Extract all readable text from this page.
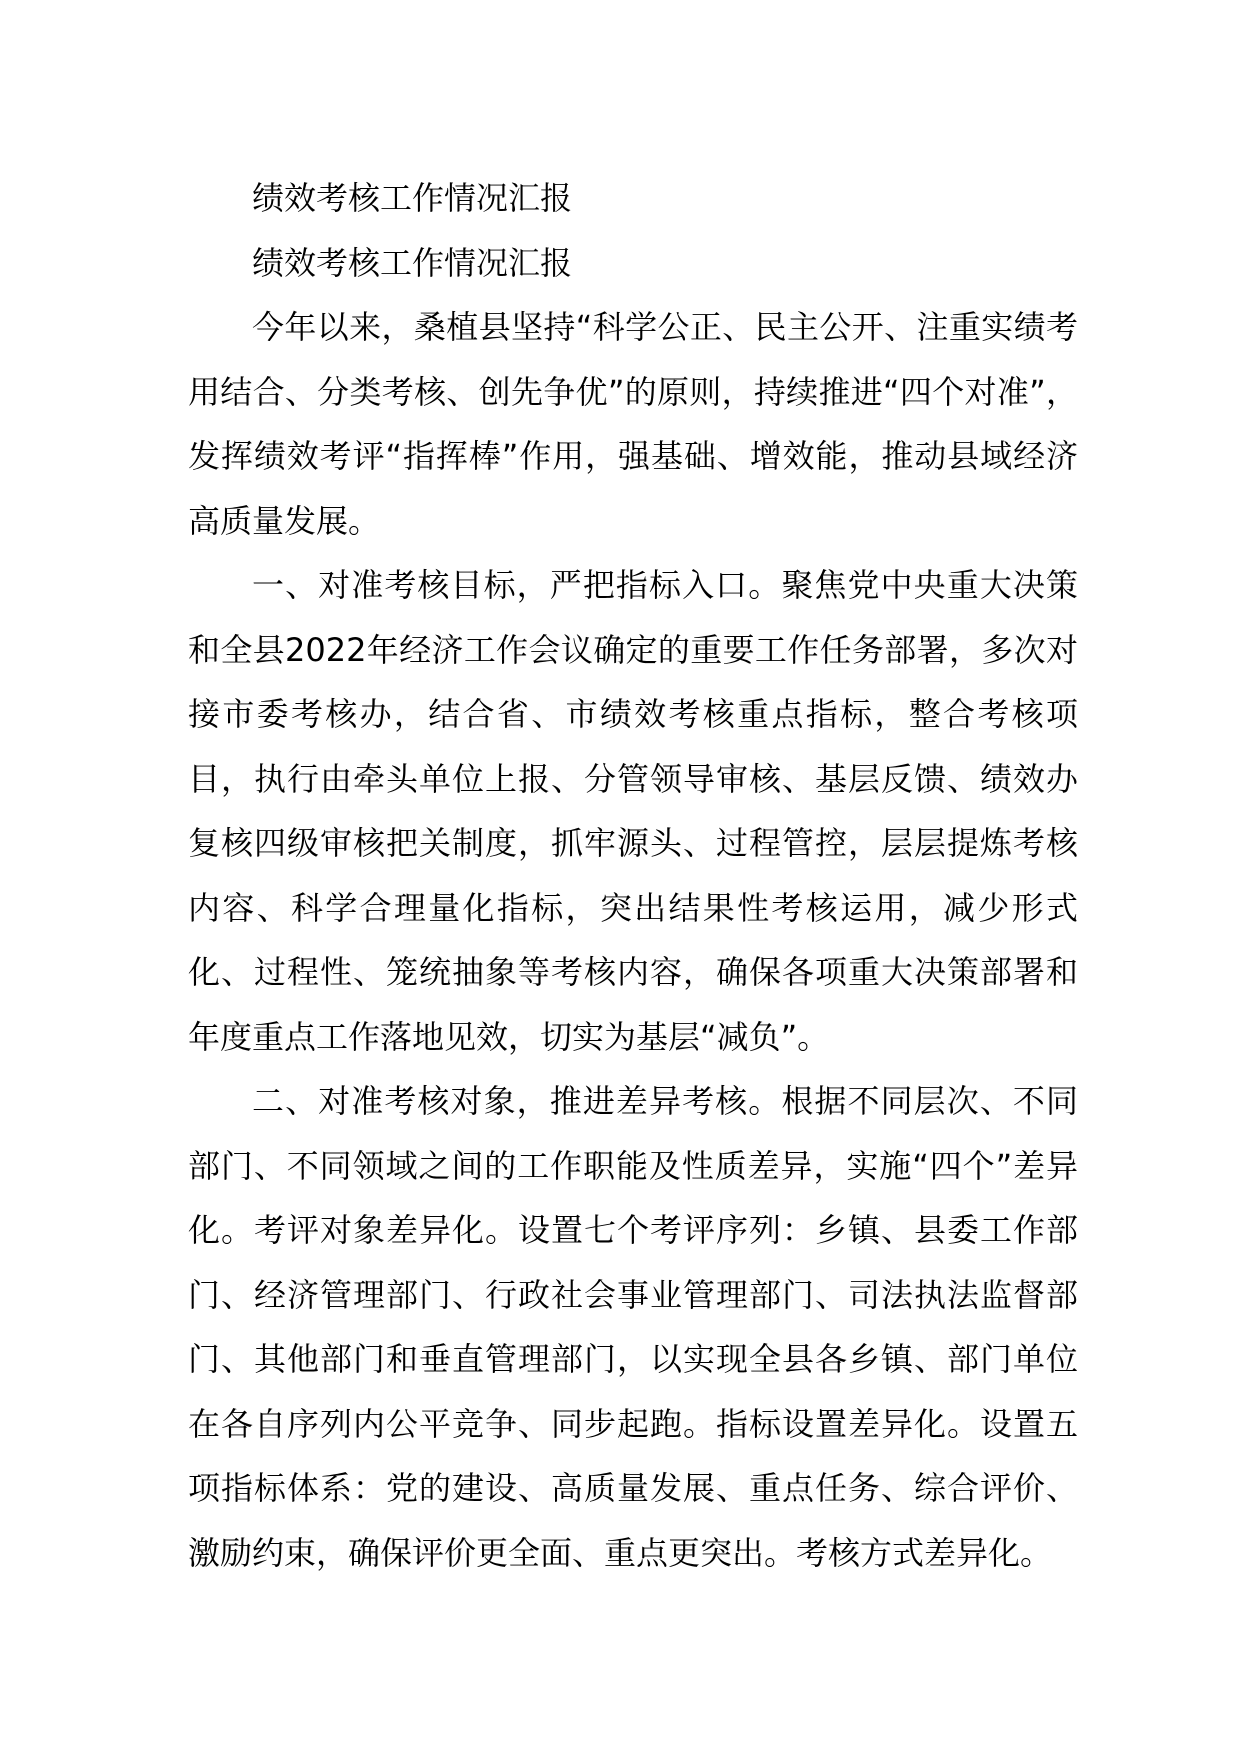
绩效考核工作情况汇报

绩效考核工作情况汇报

今年以来，桑植县坚持“科学公正、民主公开、注重实绩考用结合、分类考核、创先争优”的原则，持续推进“四个对准”，发挥绩效考评“指挥棒”作用，强基础、增效能，推动县域经济高质量发展。

一、对准考核目标，严把指标入口。聚焦党中央重大决策和全县2022年经济工作会议确定的重要工作任务部署，多次对接市委考核办，结合省、市绩效考核重点指标，整合考核项目，执行由牵头单位上报、分管领导审核、基层反馈、绩效办复核四级审核把关制度，抓牢源头、过程管控，层层提炼考核内容、科学合理量化指标，突出结果性考核运用，减少形式化、过程性、笼统抽象等考核内容，确保各项重大决策部署和年度重点工作落地见效，切实为基层“减负”。

二、对准考核对象，推进差异考核。根据不同层次、不同部门、不同领域之间的工作职能及性质差异，实施“四个”差异化。考评对象差异化。设置七个考评序列：乡镇、县委工作部门、经济管理部门、行政社会事业管理部门、司法执法监督部门、其他部门和垂直管理部门，以实现全县各乡镇、部门单位在各自序列内公平竞争、同步起跑。指标设置差异化。设置五项指标体系：党的建设、高质量发展、重点任务、综合评价、激励约束，确保评价更全面、重点更突出。考核方式差异化。
